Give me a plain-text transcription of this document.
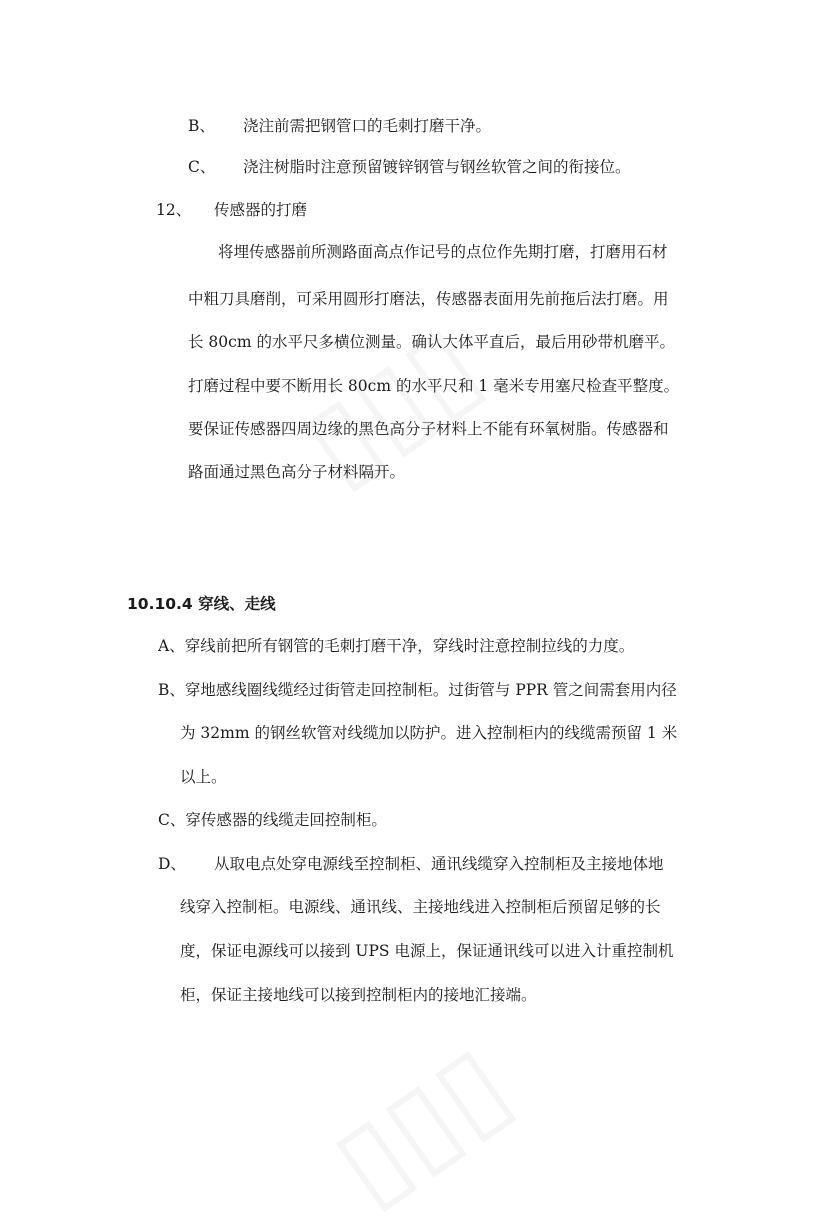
B、 浇注前需把钢管口的毛刺打磨干净。
C、 浇注树脂时注意预留镀锌钢管与钢丝软管之间的衔接位。
12、 传感器的打磨
将埋传感器前所测路面高点作记号的点位作先期打磨，打磨用石材
中粗刀具磨削，可采用圆形打磨法，传感器表面用先前拖后法打磨。用
长 80cm 的水平尺多横位测量。确认大体平直后，最后用砂带机磨平。
打磨过程中要不断用长 80cm 的水平尺和 1 毫米专用塞尺检查平整度。
要保证传感器四周边缘的黑色高分子材料上不能有环氧树脂。传感器和
路面通过黑色高分子材料隔开。
10.10.4 穿线、走线
A、穿线前把所有钢管的毛刺打磨干净，穿线时注意控制拉线的力度。
B、穿地感线圈线缆经过街管走回控制柜。过街管与 PPR 管之间需套用内径
为 32mm 的钢丝软管对线缆加以防护。进入控制柜内的线缆需预留 1 米
以上。
C、穿传感器的线缆走回控制柜。
D、 从取电点处穿电源线至控制柜、通讯线缆穿入控制柜及主接地体地
线穿入控制柜。电源线、通讯线、主接地线进入控制柜后预留足够的长
度，保证电源线可以接到 UPS 电源上，保证通讯线可以进入计重控制机
柜，保证主接地线可以接到控制柜内的接地汇接端。
